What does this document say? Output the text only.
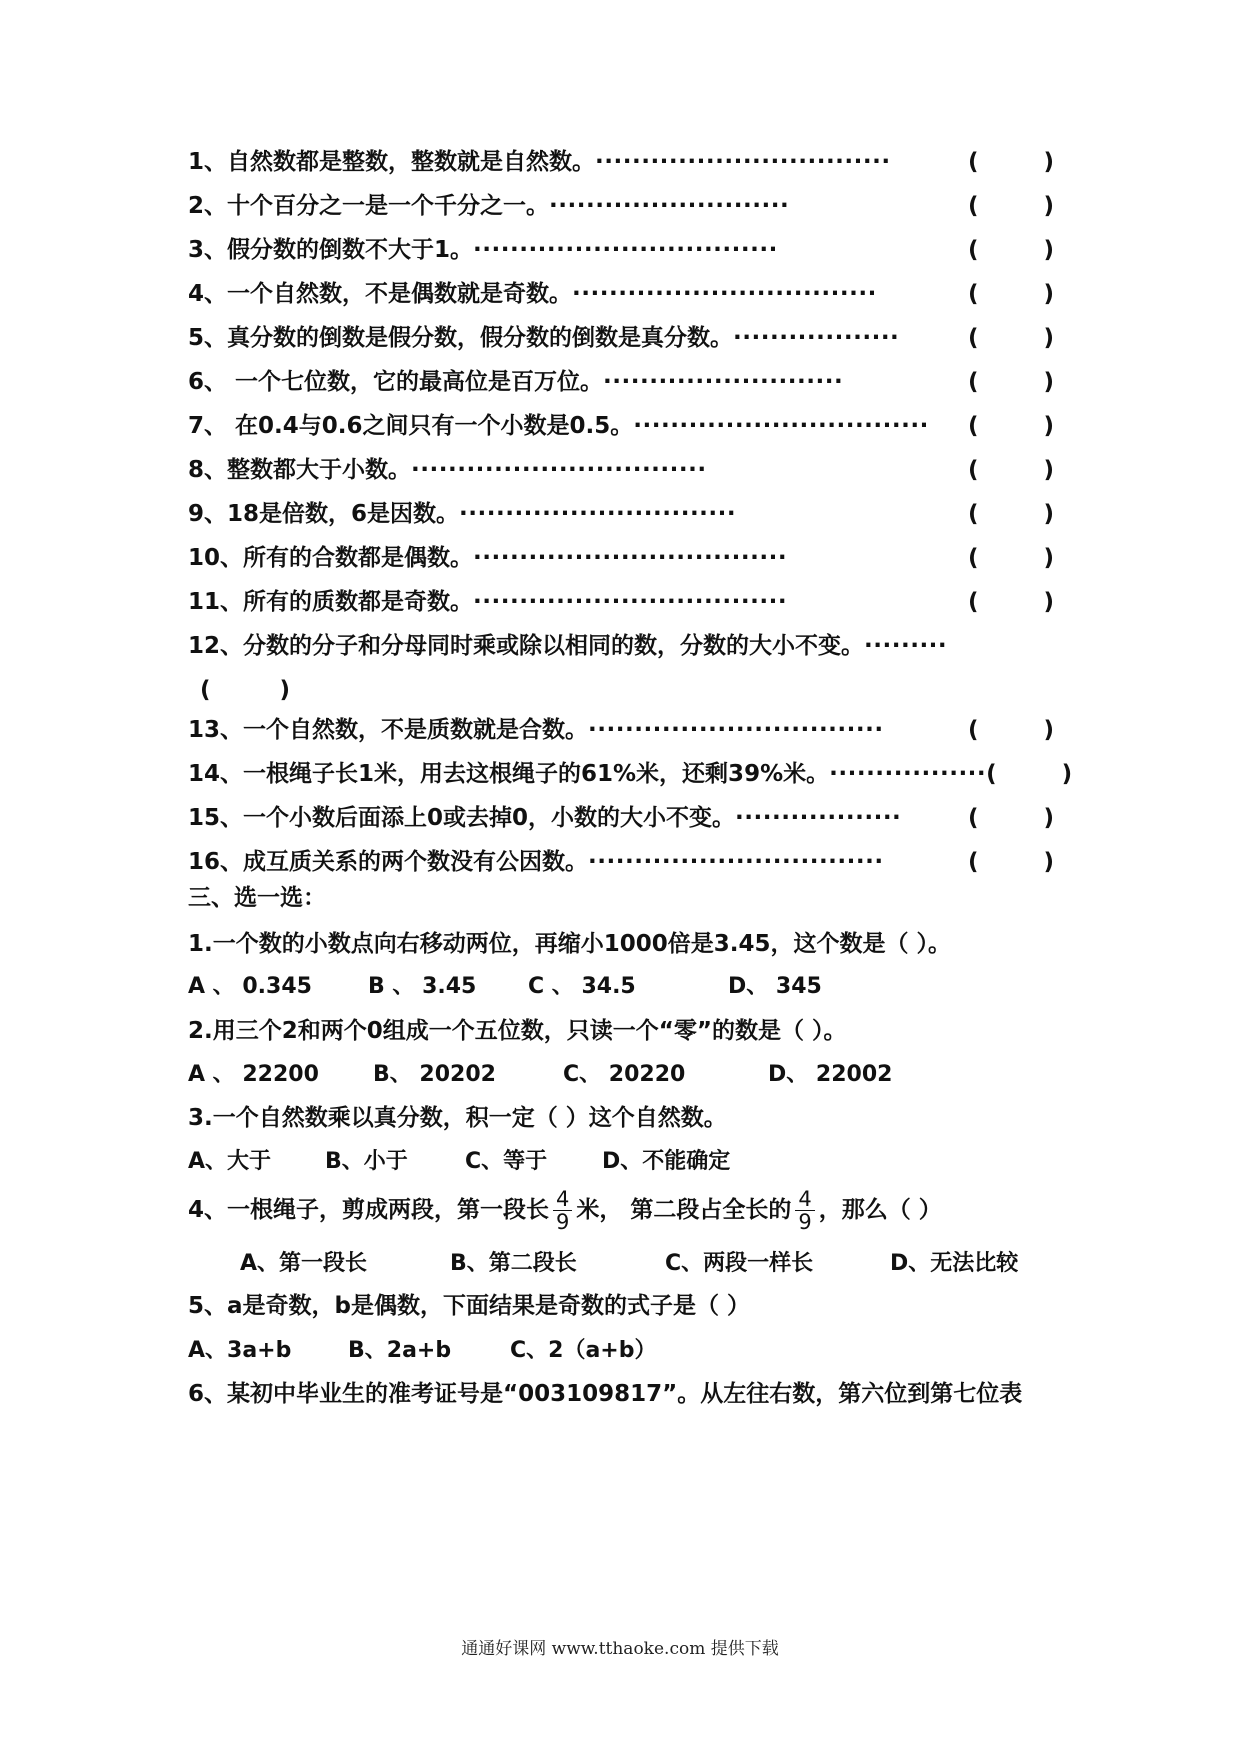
1、自然数都是整数，整数就是自然数。 ································	(	)
2、十个百分之一是一个千分之一。 ··························	(	)
3、假分数的倒数不大于1。 ·································	(	)
4、一个自然数，不是偶数就是奇数。 ·································	(	)
5、真分数的倒数是假分数，假分数的倒数是真分数。 ··················	(	)
6、 一个七位数，它的最高位是百万位。 ··························	(	)
7、 在0.4与0.6之间只有一个小数是0.5。 ································ (	)
8、整数都大于小数。 ································	(	)
9、18是倍数，6是因数。 ······························	(	)
10、所有的合数都是偶数。 ··································	(	)
11、所有的质数都是奇数。 ··································	(	)
12、分数的分子和分母同时乘或除以相同的数，分数的大小不变。 ·········
(	)
13、一个自然数，不是质数就是合数。 ································	(	)
14、一根绳子长1米，用去这根绳子的61%米，还剩39%米。 ················· (	)
15、一个小数后面添上0或去掉0，小数的大小不变。 ··················	(	)
16、成互质关系的两个数没有公因数。 ································	(	)
三、选一选：
1.一个数的小数点向右移动两位，再缩小1000倍是3.45，这个数是（ ）。
A 、 0.345	B 、 3.45 C 、 34.5	D、 345
2.用三个2和两个0组成一个五位数，只读一个“零”的数是（ ）。
A 、 22200 B、 20202	C、 20220	D、 22002
3.一个自然数乘以真分数，积一定（ ）这个自然数。
A、大于 B、小于	C、等于 D、不能确定
4、一根绳子，剪成两段，第一段长 $\frac{4}{9}$ 米， 第二段占全长的 $\frac{4}{9}$ ，那么（ ）
A、第一段长	B、第二段长	C、两段一样长	D、无法比较
5、a是奇数，b是偶数，下面结果是奇数的式子是（ ）
A、3a+b	B、2a+b	C、2（a+b）
6、某初中毕业生的准考证号是“003109817”。从左往右数，第六位到第七位表
通通好课网 www.tthaoke.com 提供下载
